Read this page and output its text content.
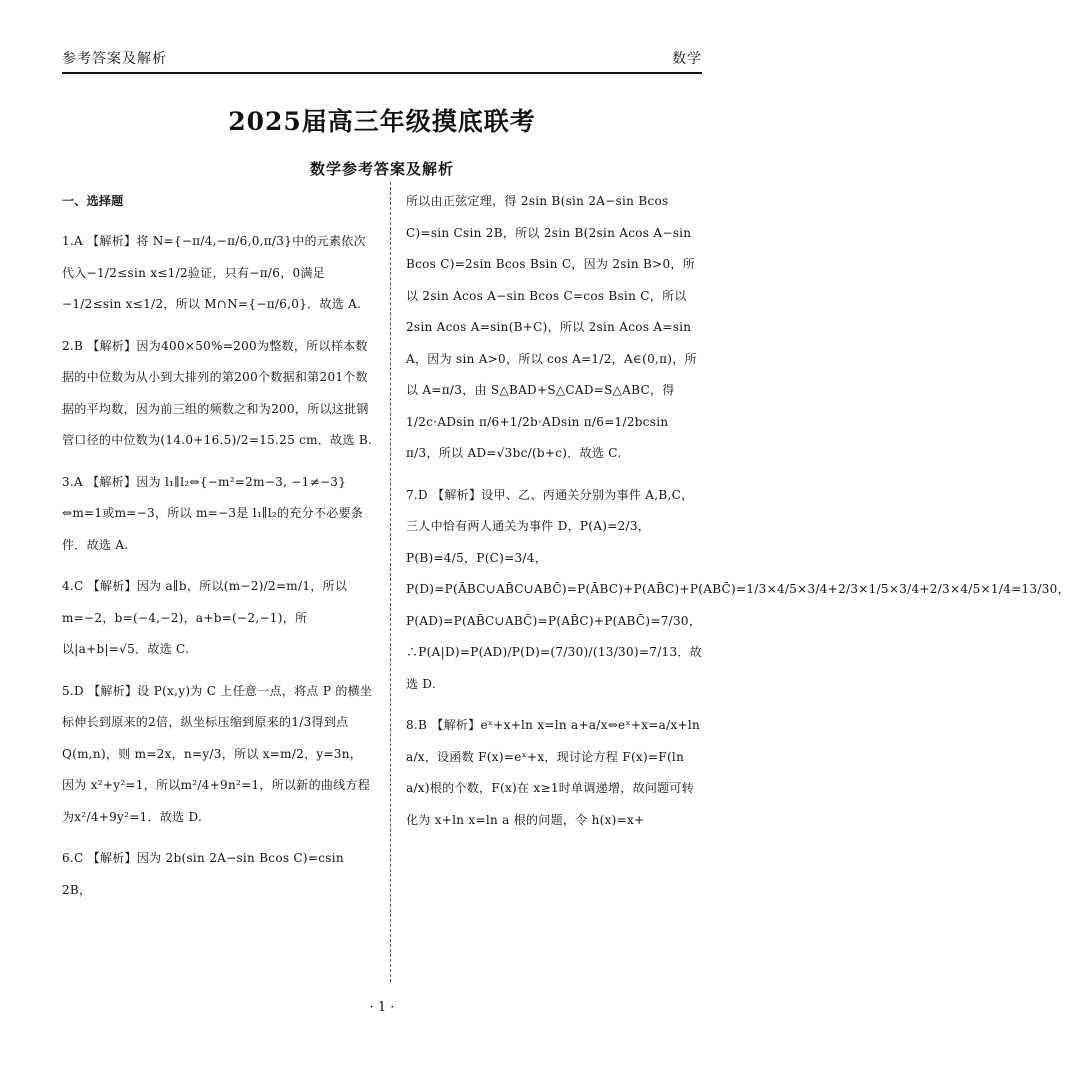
参考答案及解析	数学
2025届高三年级摸底联考
数学参考答案及解析
一、选择题
1.A 【解析】将 N={−π/4,−π/6,0,π/3}中的元素依次代入−1/2≤sin x≤1/2验证，只有−π/6，0满足−1/2≤sin x≤1/2，所以 M∩N={−π/6,0}．故选 A.
2.B 【解析】因为400×50%=200为整数，所以样本数据的中位数为从小到大排列的第200个数据和第201个数据的平均数，因为前三组的频数之和为200，所以这批钢管口径的中位数为(14.0+16.5)/2=15.25 cm．故选 B.
3.A 【解析】因为 l₁∥l₂⇔{−m²=2m−3, −1≠−3}⇔m=1或m=−3，所以 m=−3是 l₁∥l₂的充分不必要条件．故选 A.
4.C 【解析】因为 a∥b，所以(m−2)/2=m/1，所以 m=−2，b=(−4,−2)，a+b=(−2,−1)，所以|a+b|=√5．故选 C.
5.D 【解析】设 P(x,y)为 C 上任意一点，将点 P 的横坐标伸长到原来的2倍，纵坐标压缩到原来的1/3得到点 Q(m,n)，则 m=2x，n=y/3，所以 x=m/2，y=3n，因为 x²+y²=1，所以m²/4+9n²=1，所以新的曲线方程为x²/4+9y²=1．故选 D.
6.C 【解析】因为 2b(sin 2A−sin Bcos C)=csin 2B，
所以由正弦定理，得 2sin B(sin 2A−sin Bcos C)=sin Csin 2B，所以 2sin B(2sin Acos A−sin Bcos C)=2sin Bcos Bsin C，因为 2sin B>0，所以 2sin Acos A−sin Bcos C=cos Bsin C，所以 2sin Acos A=sin(B+C)，所以 2sin Acos A=sin A，因为 sin A>0，所以 cos A=1/2，A∈(0,π)，所以 A=π/3，由 S△BAD+S△CAD=S△ABC，得1/2c·ADsin π/6+1/2b·ADsin π/6=1/2bcsin π/3，所以 AD=√3bc/(b+c)．故选 C.
7.D 【解析】设甲、乙、丙通关分别为事件 A,B,C，三人中恰有两人通关为事件 D，P(A)=2/3，P(B)=4/5，P(C)=3/4，P(D)=P(ĀBC∪AB̄C∪ABC̄)=P(ĀBC)+P(AB̄C)+P(ABC̄)=1/3×4/5×3/4+2/3×1/5×3/4+2/3×4/5×1/4=13/30，P(AD)=P(AB̄C∪ABC̄)=P(AB̄C)+P(ABC̄)=7/30，∴P(A|D)=P(AD)/P(D)=(7/30)/(13/30)=7/13．故选 D.
8.B 【解析】eˣ+x+ln x=ln a+a/x⇔eˣ+x=a/x+ln a/x，设函数 F(x)=eˣ+x，现讨论方程 F(x)=F(ln a/x)根的个数，F(x)在 x≥1时单调递增，故问题可转化为 x+ln x=ln a 根的问题，令 h(x)=x+
· 1 ·
